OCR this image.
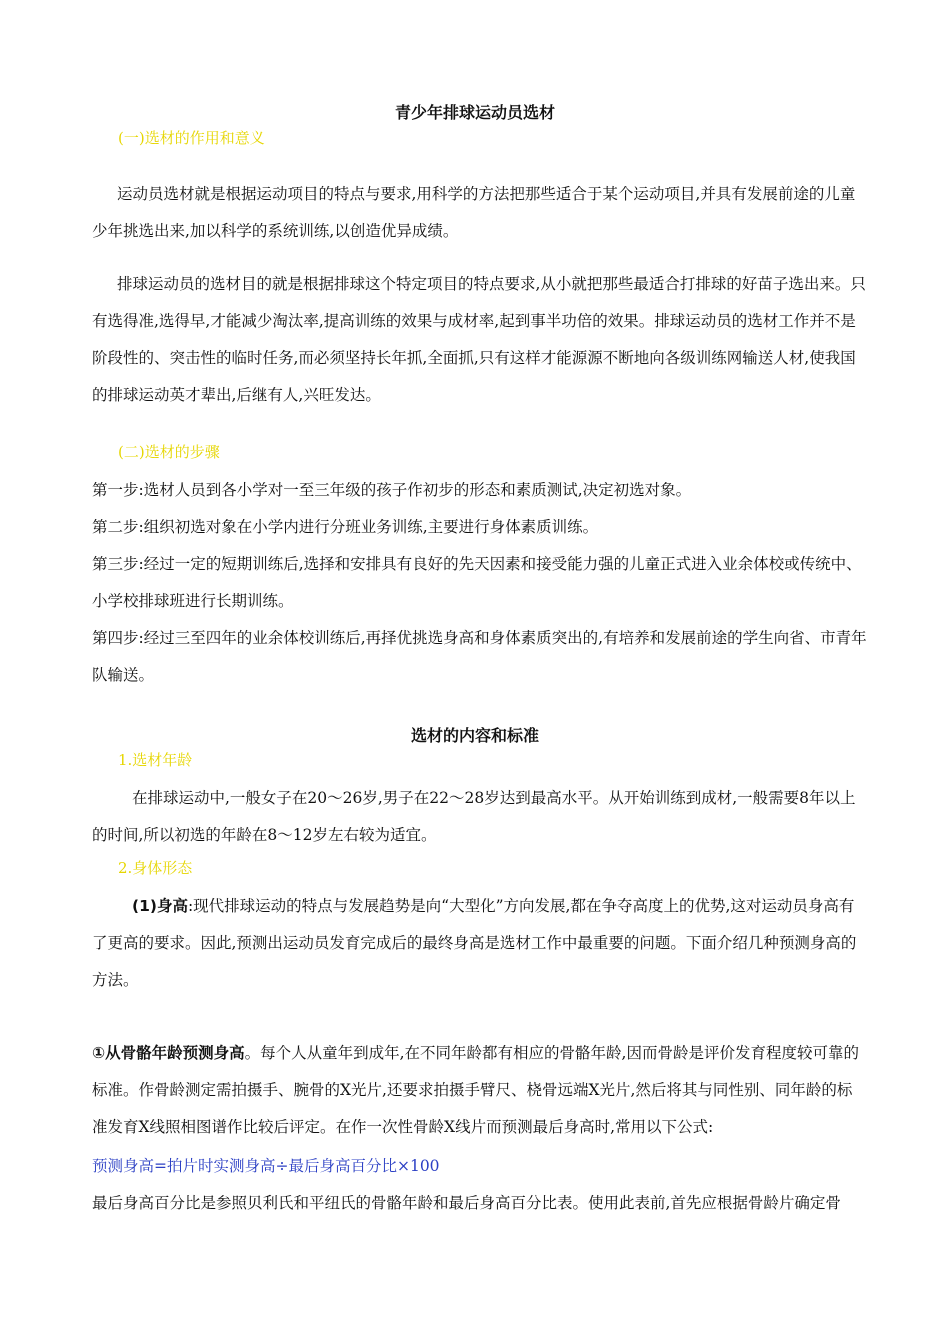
青少年排球运动员选材
(一)选材的作用和意义
运动员选材就是根据运动项目的特点与要求,用科学的方法把那些适合于某个运动项目,并具有发展前途的儿童少年挑选出来,加以科学的系统训练,以创造优异成绩。
排球运动员的选材目的就是根据排球这个特定项目的特点要求,从小就把那些最适合打排球的好苗子选出来。只有选得准,选得早,才能减少淘汰率,提高训练的效果与成材率,起到事半功倍的效果。排球运动员的选材工作并不是阶段性的、突击性的临时任务,而必须坚持长年抓,全面抓,只有这样才能源源不断地向各级训练网输送人材,使我国的排球运动英才辈出,后继有人,兴旺发达。
(二)选材的步骤
第一步:选材人员到各小学对一至三年级的孩子作初步的形态和素质测试,决定初选对象。
第二步:组织初选对象在小学内进行分班业务训练,主要进行身体素质训练。
第三步:经过一定的短期训练后,选择和安排具有良好的先天因素和接受能力强的儿童正式进入业余体校或传统中、小学校排球班进行长期训练。
第四步:经过三至四年的业余体校训练后,再择优挑选身高和身体素质突出的,有培养和发展前途的学生向省、市青年队输送。
选材的内容和标准
1.选材年龄
在排球运动中,一般女子在20～26岁,男子在22～28岁达到最高水平。从开始训练到成材,一般需要8年以上的时间,所以初选的年龄在8～12岁左右较为适宜。
2.身体形态
(1)身高:现代排球运动的特点与发展趋势是向“大型化”方向发展,都在争夺高度上的优势,这对运动员身高有了更高的要求。因此,预测出运动员发育完成后的最终身高是选材工作中最重要的问题。下面介绍几种预测身高的方法。
①从骨骼年龄预测身高。每个人从童年到成年,在不同年龄都有相应的骨骼年龄,因而骨龄是评价发育程度较可靠的标准。作骨龄测定需拍摄手、腕骨的X光片,还要求拍摄手臂尺、桡骨远端X光片,然后将其与同性别、同年龄的标准发育X线照相图谱作比较后评定。在作一次性骨龄X线片而预测最后身高时,常用以下公式:
预测身高=拍片时实测身高÷最后身高百分比×100
最后身高百分比是参照贝利氏和平纽氏的骨骼年龄和最后身高百分比表。使用此表前,首先应根据骨龄片确定骨
